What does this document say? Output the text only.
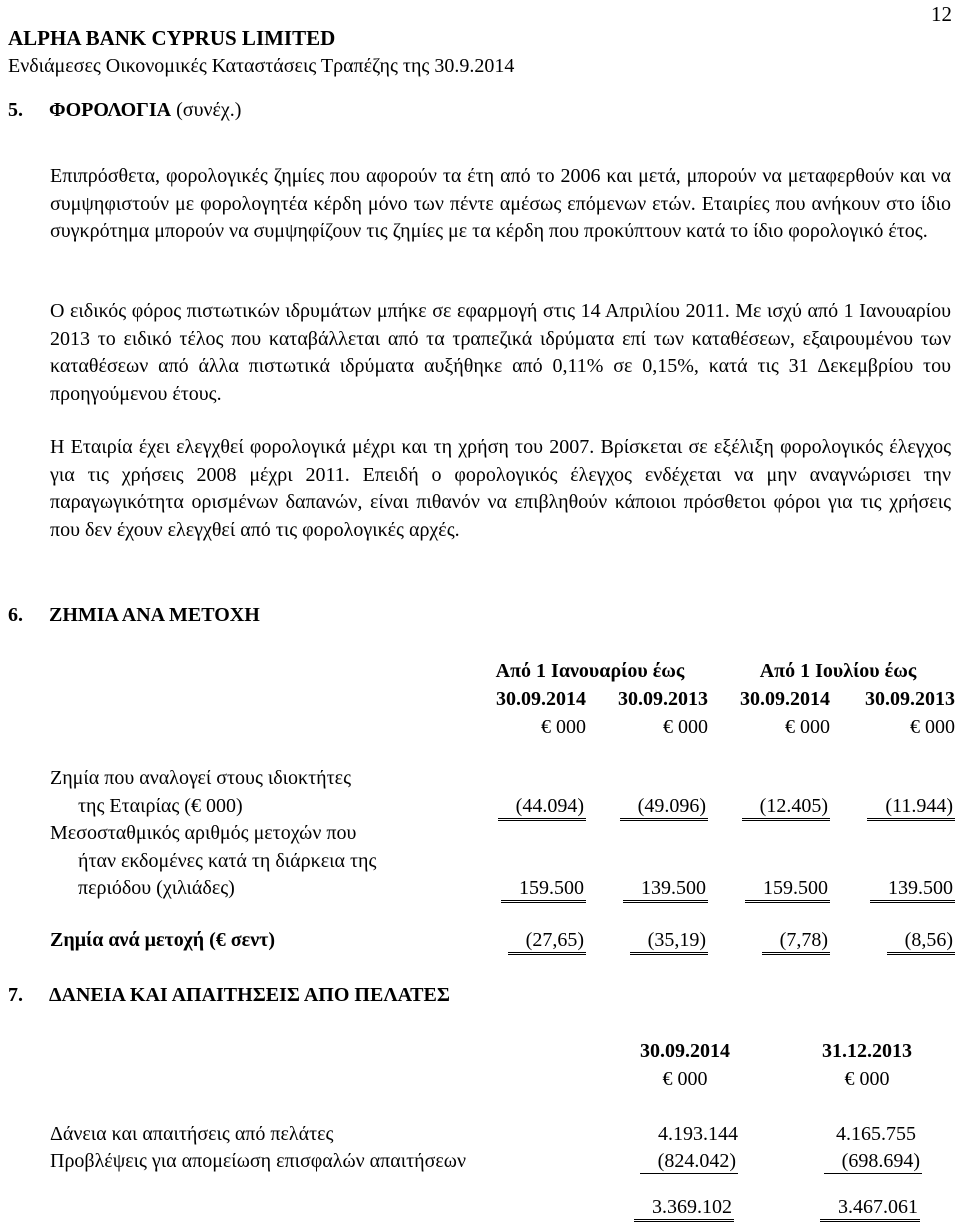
12
ALPHA BANK CYPRUS LIMITED
Ενδιάμεσες Οικονομικές Καταστάσεις Τραπέζης της 30.9.2014
5. ΦΟΡΟΛΟΓΙΑ (συνέχ.)

Επιπρόσθετα, φορολογικές ζημίες που αφορούν τα έτη από το 2006 και μετά, μπορούν να μεταφερθούν και να συμψηφιστούν με φορολογητέα κέρδη μόνο των πέντε αμέσως επόμενων ετών. Εταιρίες που ανήκουν στο ίδιο συγκρότημα μπορούν να συμψηφίζουν τις ζημίες με τα κέρδη που προκύπτουν κατά το ίδιο φορολογικό έτος.

Ο ειδικός φόρος πιστωτικών ιδρυμάτων μπήκε σε εφαρμογή στις 14 Απριλίου 2011. Με ισχύ από 1 Ιανουαρίου 2013 το ειδικό τέλος που καταβάλλεται από τα τραπεζικά ιδρύματα επί των καταθέσεων, εξαιρουμένου των καταθέσεων από άλλα πιστωτικά ιδρύματα αυξήθηκε από 0,11% σε 0,15%, κατά τις 31 Δεκεμβρίου του προηγούμενου έτους.

Η Εταιρία έχει ελεγχθεί φορολογικά μέχρι και τη χρήση του 2007. Βρίσκεται σε εξέλιξη φορολογικός έλεγχος για τις χρήσεις 2008 μέχρι 2011. Επειδή ο φορολογικός έλεγχος ενδέχεται να μην αναγνώρισει την παραγωγικότητα ορισμένων δαπανών, είναι πιθανόν να επιβληθούν κάποιοι πρόσθετοι φόροι για τις χρήσεις που δεν έχουν ελεγχθεί από τις φορολογικές αρχές.

6. ΖΗΜΙΑ ΑΝΑ ΜΕΤΟΧΗ
Από 1 Ιανουαρίου έως	Από 1 Ιουλίου έως
30.09.2014	30.09.2013	30.09.2014	30.09.2013
€ 000	€ 000	€ 000	€ 000
Ζημία που αναλογεί στους ιδιοκτήτες
της Εταιρίας (€ 000)	(44.094)	(49.096)	(12.405)	(11.944)
Μεσοσταθμικός αριθμός μετοχών που
ήταν εκδομένες κατά τη διάρκεια της
περιόδου (χιλιάδες)	159.500	139.500	159.500	139.500
Ζημία ανά μετοχή (€ σεντ)	(27,65)	(35,19)	(7,78)	(8,56)
7. ΔΑΝΕΙΑ ΚΑΙ ΑΠΑΙΤΗΣΕΙΣ ΑΠΟ ΠΕΛΑΤΕΣ
30.09.2014	31.12.2013
€ 000	€ 000
Δάνεια και απαιτήσεις από πελάτες	4.193.144	4.165.755
Προβλέψεις για απομείωση επισφαλών απαιτήσεων	(824.042)	(698.694)
3.369.102	3.467.061
